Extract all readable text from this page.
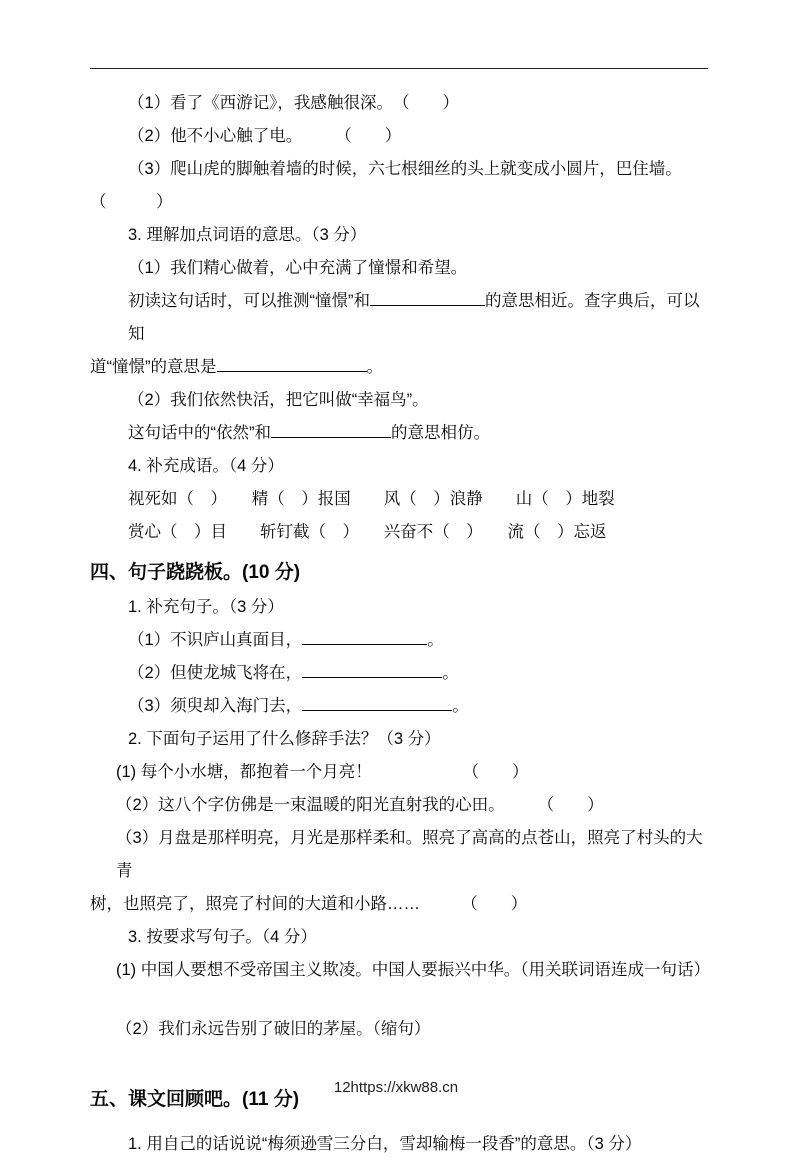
（1）看了《西游记》，我感触很深。　（　　）
（2）他不小心触了电。　　　（　　）
（3）爬山虎的脚触着墙的时候，六七根细丝的头上就变成小圆片，巴住墙。
（　　　）
3. 理解加点词语的意思。（3 分）
（1）我们精心做着，心中充满了憧憬和希望。
初读这句话时，可以推测“憧憬”和	的意思相近。查字典后，可以知
道“憧憬”的意思是	。
（2）我们依然快活，把它叫做“幸福鸟”。
这句话中的“依然”和	的意思相仿。
4. 补充成语。（4 分）
视死如（　）　　精（　）报国　　风（　）浪静　　山（　）地裂
赏心（　）目　　斩钉截（　）　　兴奋不（　）　　流（　）忘返
四、句子跷跷板。(10 分)
1. 补充句子。（3 分）
（1）不识庐山真面目，	。
（2）但使龙城飞将在，	。
（3）须臾却入海门去，	。
2. 下面句子运用了什么修辞手法？（3 分）
(1) 每个小水塘，都抱着一个月亮！　　　　　　（　　）
（2）这八个字仿佛是一束温暖的阳光直射我的心田。　　　（　　）
（3）月盘是那样明亮，月光是那样柔和。照亮了高高的点苍山，照亮了村头的大青
树，也照亮了，照亮了村间的大道和小路……　　　（　　）
3. 按要求写句子。（4 分）
(1) 中国人要想不受帝国主义欺凌。中国人要振兴中华。（用关联词语连成一句话）
（2）我们永远告别了破旧的茅屋。（缩句）
五、课文回顾吧。(11 分)
1. 用自己的话说说“梅须逊雪三分白，雪却输梅一段香”的意思。（3 分）
12https://xkw88.cn
